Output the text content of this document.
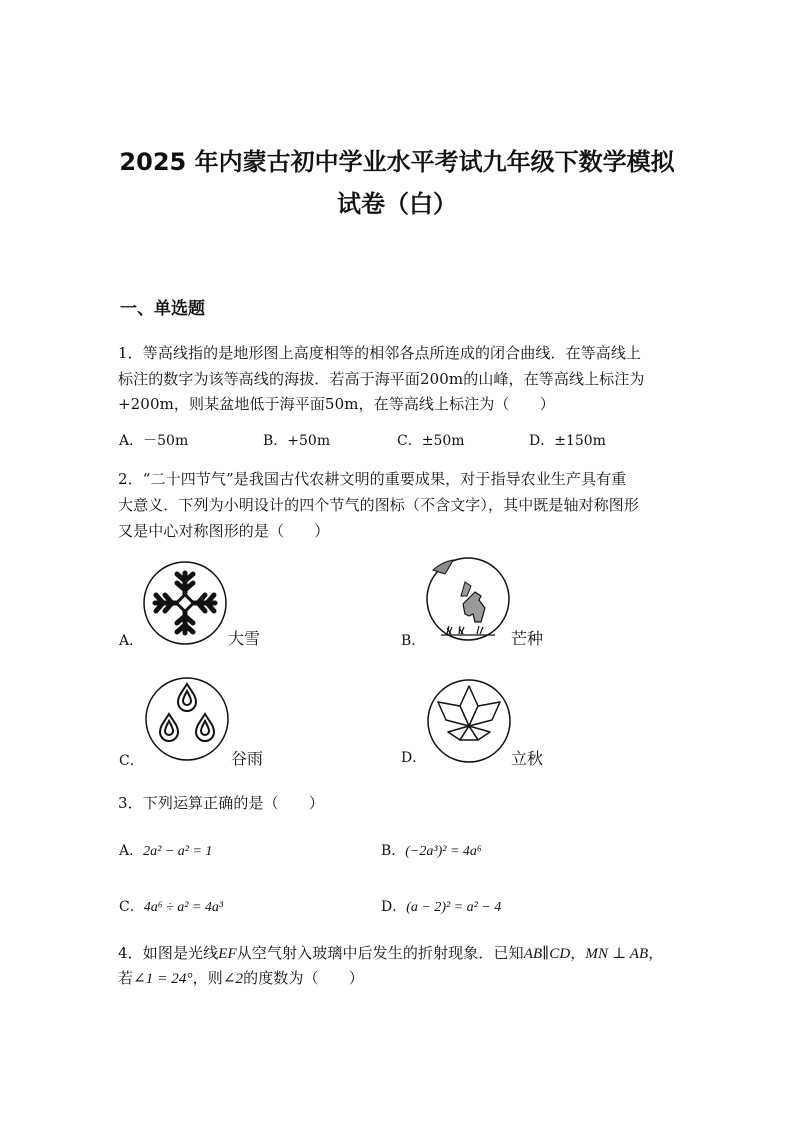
2025 年内蒙古初中学业水平考试九年级下数学模拟
试卷（白）
一、单选题
1．等高线指的是地形图上高度相等的相邻各点所连成的闭合曲线．在等高线上
标注的数字为该等高线的海拔．若高于海平面200m的山峰，在等高线上标注为
+200m，则某盆地低于海平面50m，在等高线上标注为（　　）
A．－50m	B．+50m	C．±50m	D．±150m
2．“二十四节气”是我国古代农耕文明的重要成果，对于指导农业生产具有重
大意义．下列为小明设计的四个节气的图标（不含文字），其中既是轴对称图形
又是中心对称图形的是（　　）
A．	大雪	B．	芒种
C．	谷雨	D．	立秋
3．下列运算正确的是（　　）
A．2a² − a² = 1	B．(−2a³)² = 4a⁶
C．4a⁶ ÷ a² = 4a³	D．(a − 2)² = a² − 4
4．如图是光线EF从空气射入玻璃中后发生的折射现象．已知AB∥CD，MN ⊥ AB，
若∠1 = 24°，则∠2的度数为（　　）
